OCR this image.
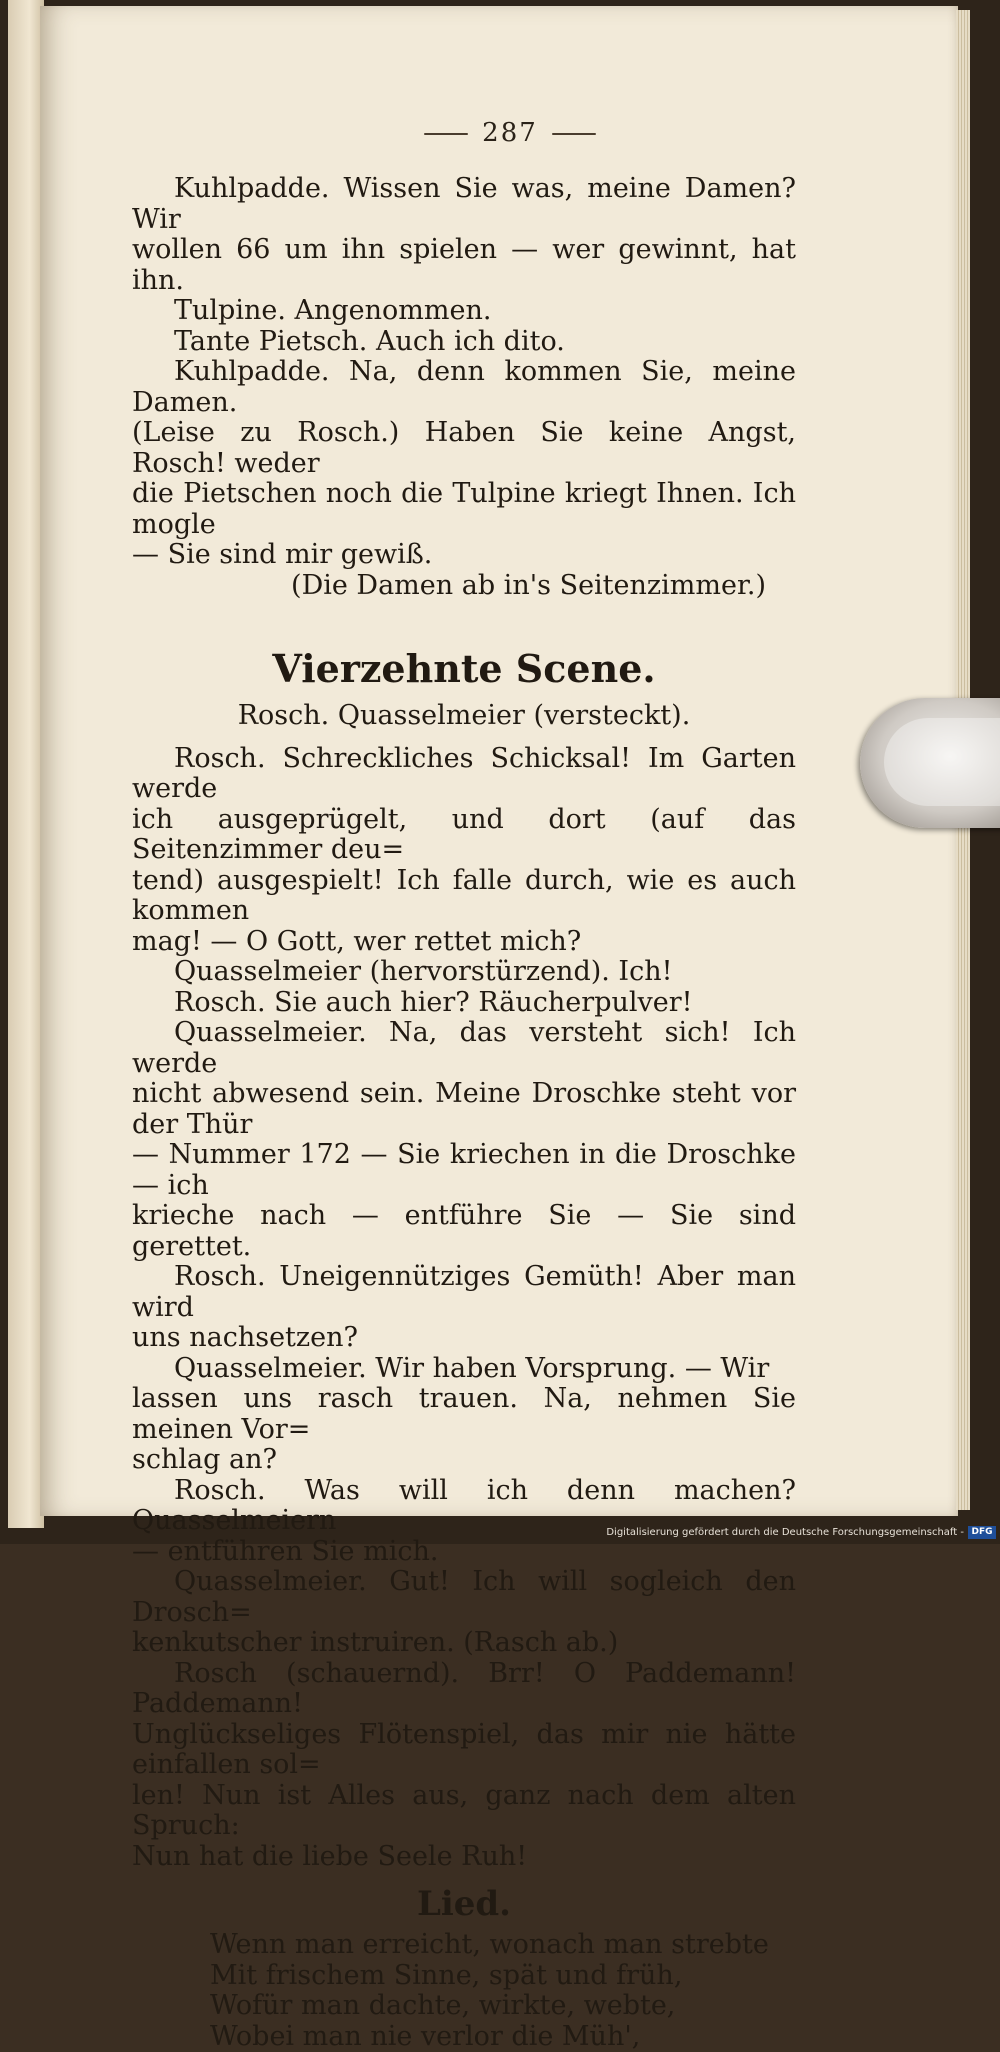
287

Kuhlpadde. Wissen Sie was, meine Damen? Wir

wollen 66 um ihn spielen — wer gewinnt, hat ihn.

Tulpine. Angenommen.

Tante Pietsch. Auch ich dito.

Kuhlpadde. Na, denn kommen Sie, meine Damen.

(Leise zu Rosch.) Haben Sie keine Angst, Rosch! weder

die Pietschen noch die Tulpine kriegt Ihnen. Ich mogle

— Sie sind mir gewiß.

(Die Damen ab in's Seitenzimmer.)

Vierzehnte Scene.

Rosch. Quasselmeier (versteckt).

Rosch. Schreckliches Schicksal! Im Garten werde

ich ausgeprügelt, und dort (auf das Seitenzimmer deu=

tend) ausgespielt! Ich falle durch, wie es auch kommen

mag! — O Gott, wer rettet mich?

Quasselmeier (hervorstürzend). Ich!

Rosch. Sie auch hier? Räucherpulver!

Quasselmeier. Na, das versteht sich! Ich werde

nicht abwesend sein. Meine Droschke steht vor der Thür

— Nummer 172 — Sie kriechen in die Droschke — ich

krieche nach — entführe Sie — Sie sind gerettet.

Rosch. Uneigennütziges Gemüth! Aber man wird

uns nachsetzen?

Quasselmeier. Wir haben Vorsprung. — Wir

lassen uns rasch trauen. Na, nehmen Sie meinen Vor=

schlag an?

Rosch. Was will ich denn machen? Quasselmeiern

— entführen Sie mich.

Quasselmeier. Gut! Ich will sogleich den Drosch=

kenkutscher instruiren. (Rasch ab.)

Rosch (schauernd). Brr! O Paddemann! Paddemann!

Unglückseliges Flötenspiel, das mir nie hätte einfallen sol=

len! Nun ist Alles aus, ganz nach dem alten Spruch:

Nun hat die liebe Seele Ruh!

Lied.

Wenn man erreicht, wonach man strebte

Mit frischem Sinne, spät und früh,

Wofür man dachte, wirkte, webte,

Wobei man nie verlor die Müh',

Digitalisierung gefördert durch die Deutsche Forschungsgemeinschaft - DFG
